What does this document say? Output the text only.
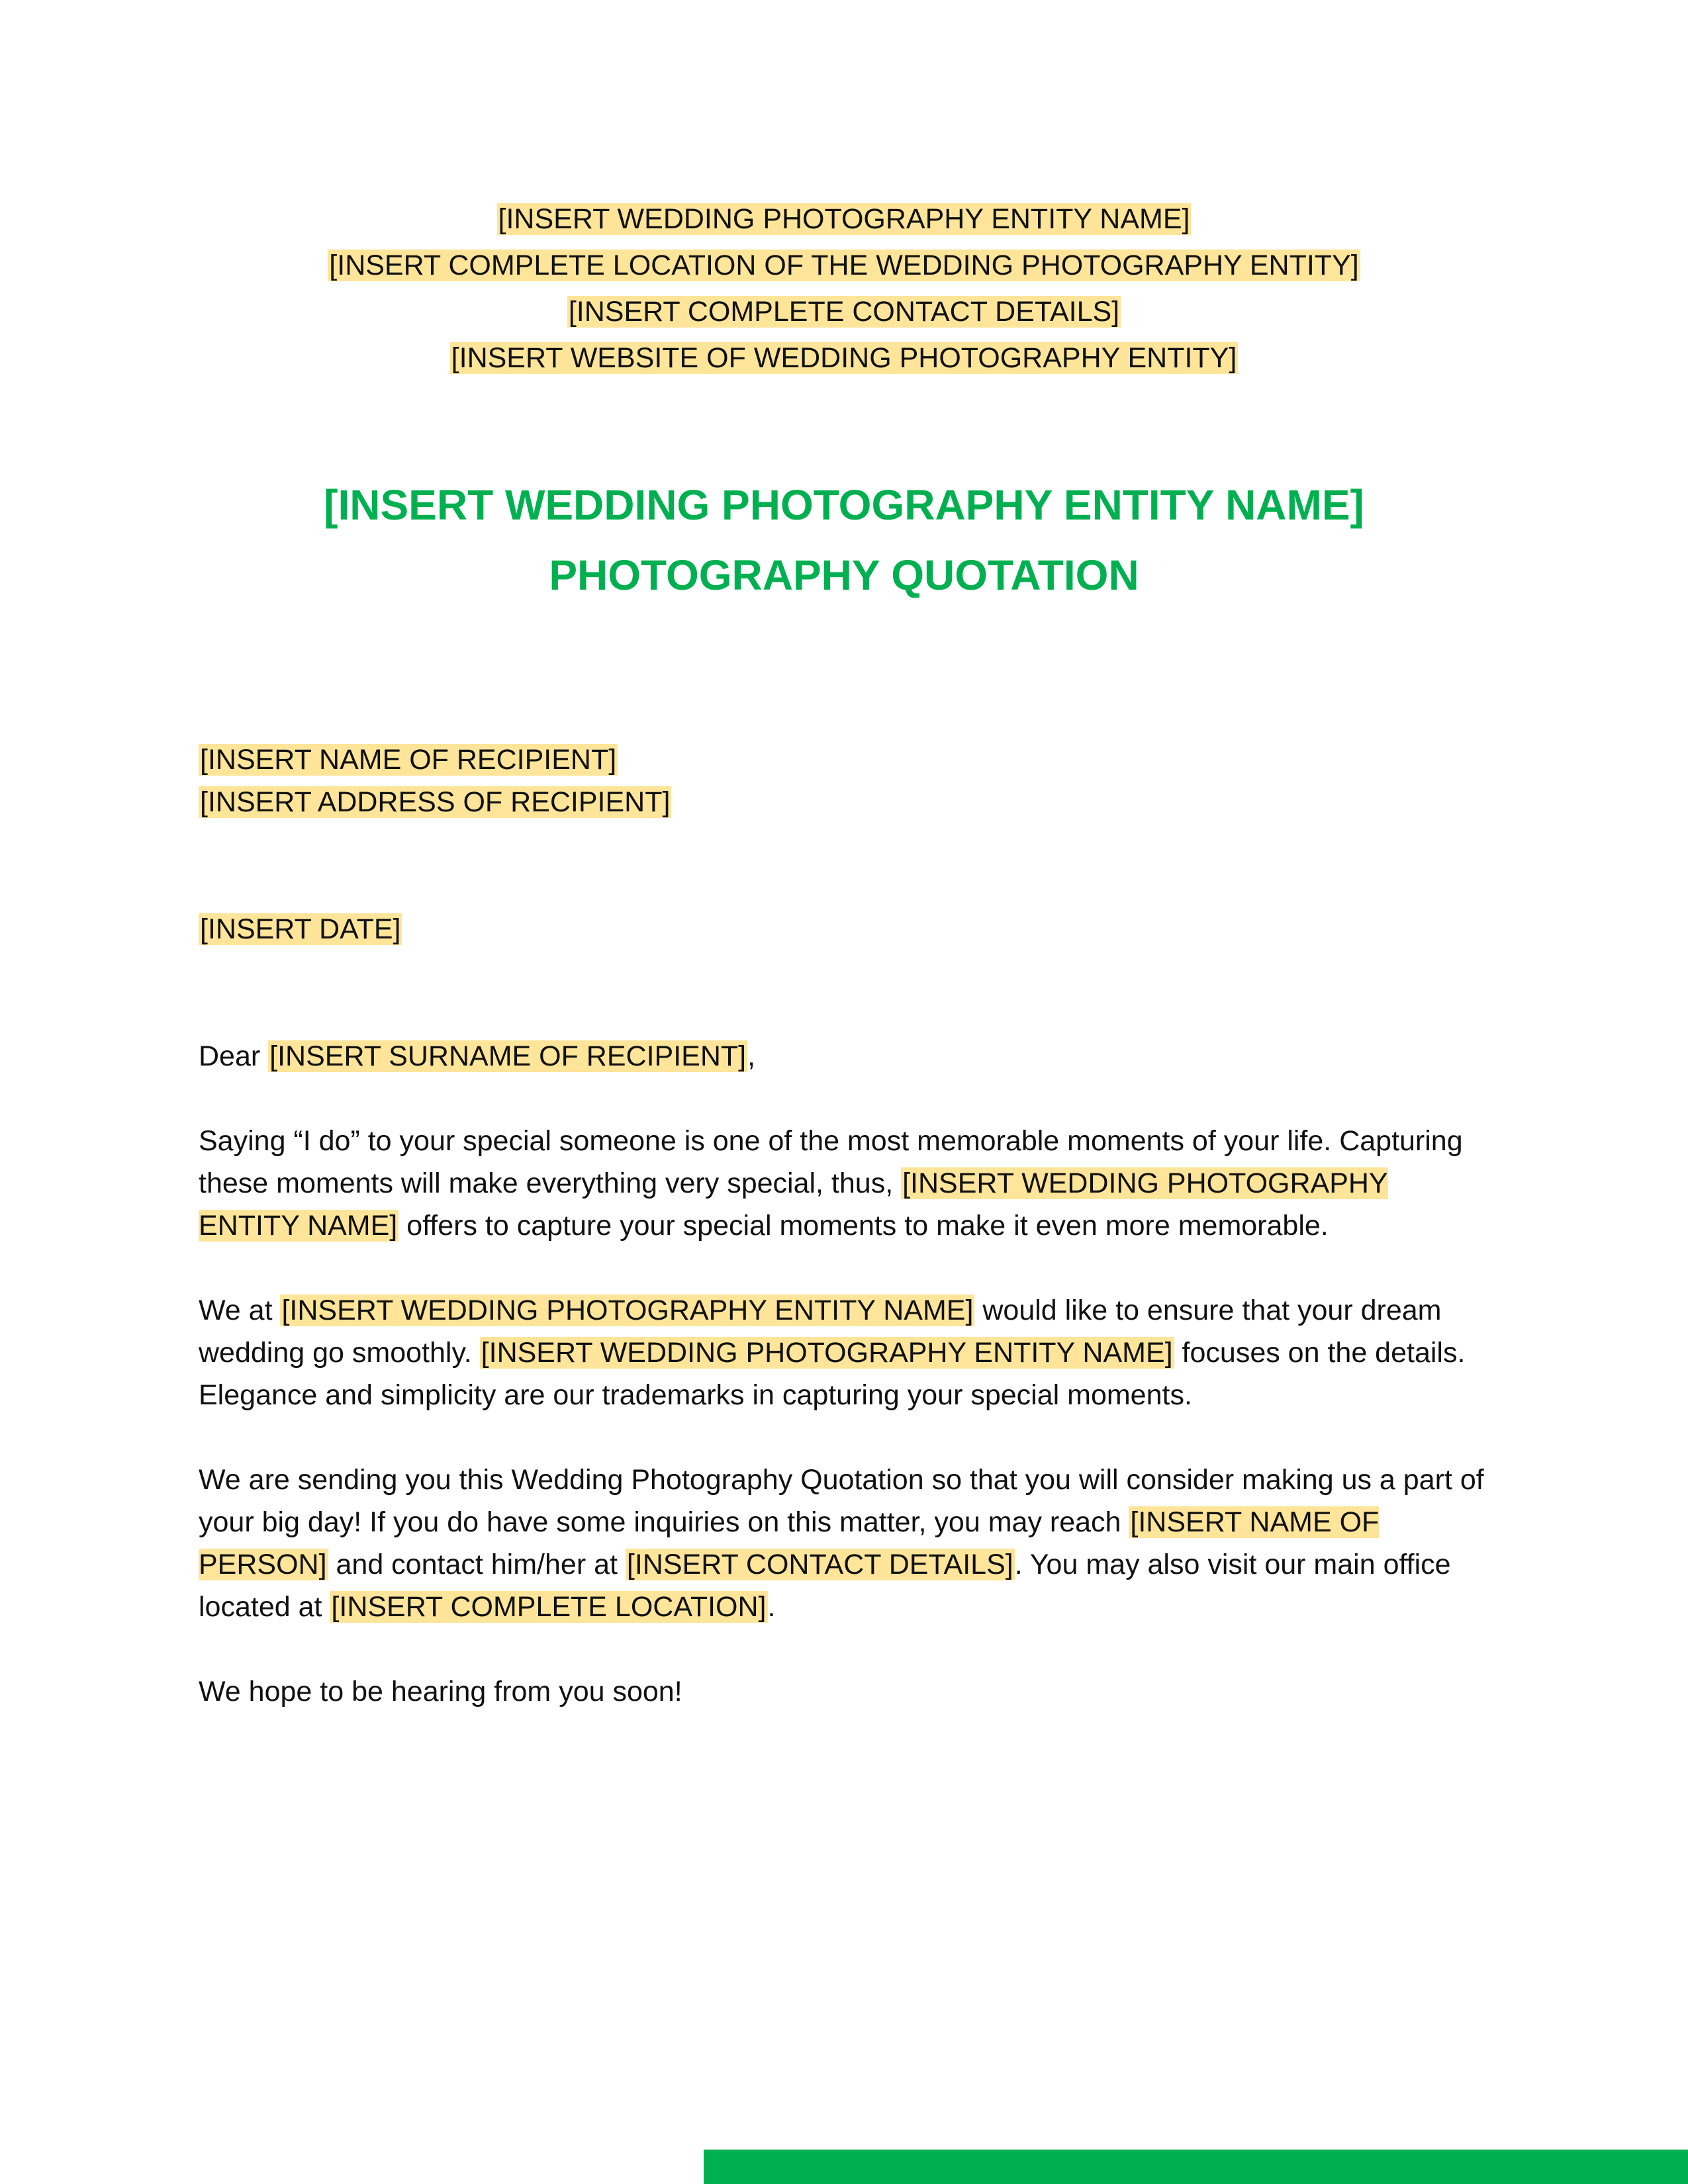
[INSERT WEDDING PHOTOGRAPHY ENTITY NAME]
[INSERT COMPLETE LOCATION OF THE WEDDING PHOTOGRAPHY ENTITY]
[INSERT COMPLETE CONTACT DETAILS]
[INSERT WEBSITE OF WEDDING PHOTOGRAPHY ENTITY]
[INSERT WEDDING PHOTOGRAPHY ENTITY NAME]
PHOTOGRAPHY QUOTATION
[INSERT NAME OF RECIPIENT]
[INSERT ADDRESS OF RECIPIENT]
[INSERT DATE]
Dear [INSERT SURNAME OF RECIPIENT],
Saying “I do” to your special someone is one of the most memorable moments of your life. Capturing these moments will make everything very special, thus, [INSERT WEDDING PHOTOGRAPHY ENTITY NAME] offers to capture your special moments to make it even more memorable.
We at [INSERT WEDDING PHOTOGRAPHY ENTITY NAME] would like to ensure that your dream wedding go smoothly. [INSERT WEDDING PHOTOGRAPHY ENTITY NAME] focuses on the details. Elegance and simplicity are our trademarks in capturing your special moments.
We are sending you this Wedding Photography Quotation so that you will consider making us a part of your big day! If you do have some inquiries on this matter, you may reach [INSERT NAME OF PERSON] and contact him/her at [INSERT CONTACT DETAILS]. You may also visit our main office located at [INSERT COMPLETE LOCATION].
We hope to be hearing from you soon!
